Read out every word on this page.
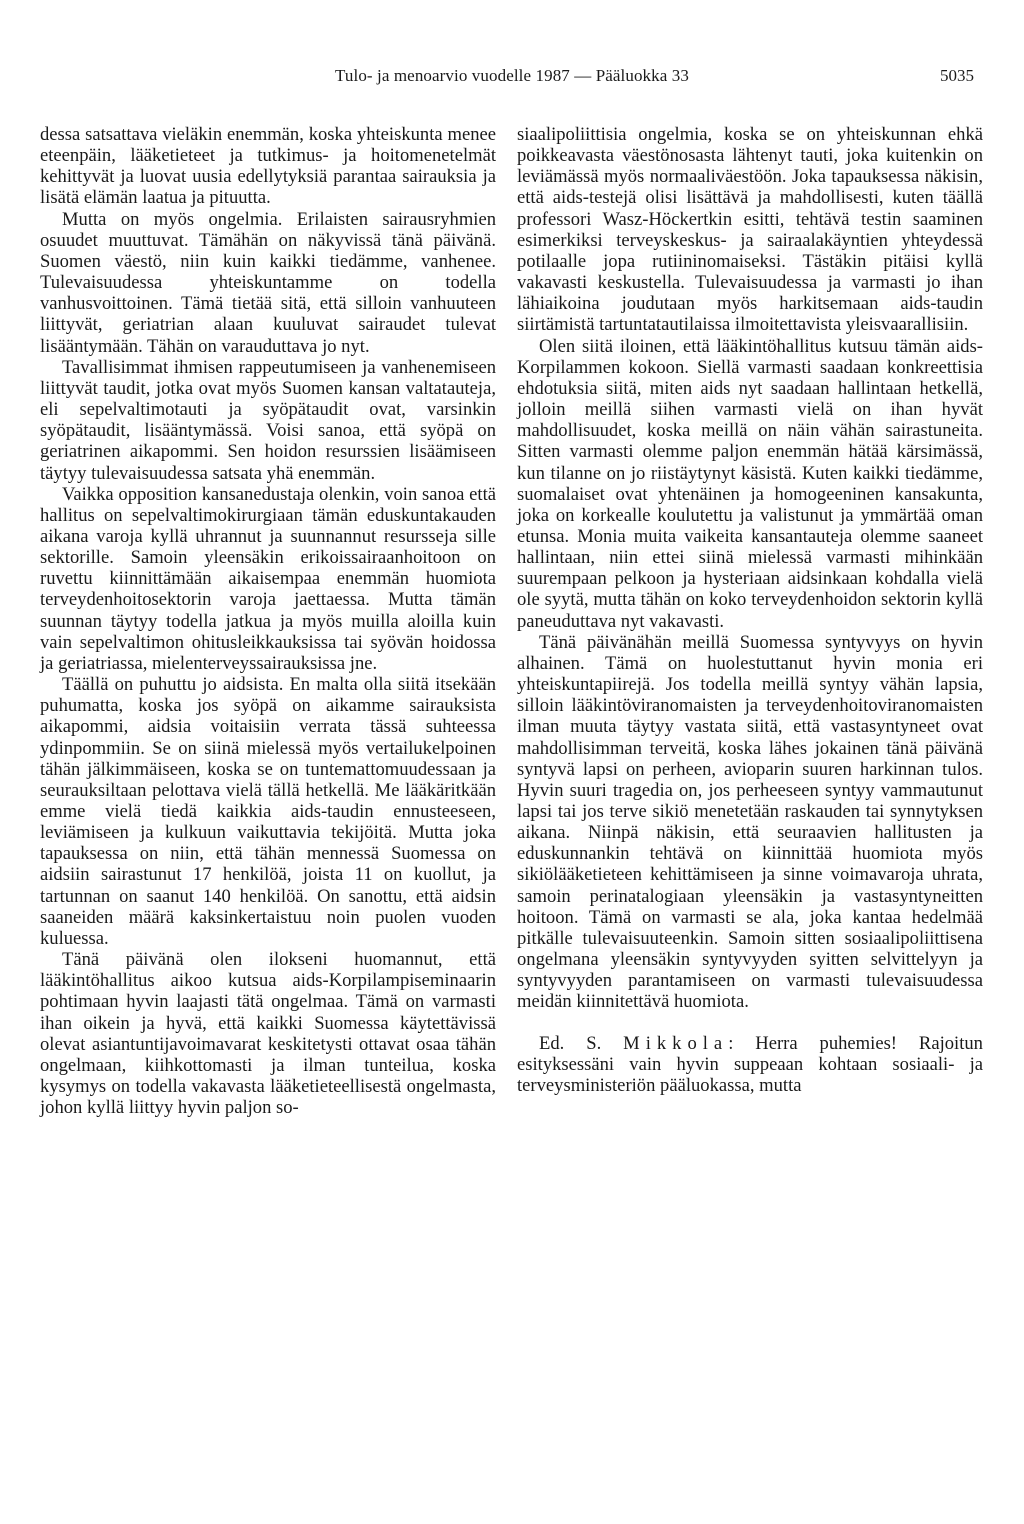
Tulo- ja menoarvio vuodelle 1987 — Pääluokka 33	5035

dessa satsattava vieläkin enemmän, koska yhteiskunta menee eteenpäin, lääketieteet ja tutkimus- ja hoitomenetelmät kehittyvät ja luovat uusia edellytyksiä parantaa sairauksia ja lisätä elämän laatua ja pituutta.

Mutta on myös ongelmia. Erilaisten sairausryhmien osuudet muuttuvat. Tämähän on näkyvissä tänä päivänä. Suomen väestö, niin kuin kaikki tiedämme, vanhenee. Tulevaisuudessa yhteiskuntamme on todella vanhusvoittoinen. Tämä tietää sitä, että silloin vanhuuteen liittyvät, geriatrian alaan kuuluvat sairaudet tulevat lisääntymään. Tähän on varauduttava jo nyt.

Tavallisimmat ihmisen rappeutumiseen ja vanhenemiseen liittyvät taudit, jotka ovat myös Suomen kansan valtatauteja, eli sepelvaltimotauti ja syöpätaudit ovat, varsinkin syöpätaudit, lisääntymässä. Voisi sanoa, että syöpä on geriatrinen aikapommi. Sen hoidon resurssien lisäämiseen täytyy tulevaisuudessa satsata yhä enemmän.

Vaikka opposition kansanedustaja olenkin, voin sanoa että hallitus on sepelvaltimokirurgiaan tämän eduskuntakauden aikana varoja kyllä uhrannut ja suunnannut resursseja sille sektorille. Samoin yleensäkin erikoissairaanhoitoon on ruvettu kiinnittämään aikaisempaa enemmän huomiota terveydenhoitosektorin varoja jaettaessa. Mutta tämän suunnan täytyy todella jatkua ja myös muilla aloilla kuin vain sepelvaltimon ohitusleikkauksissa tai syövän hoidossa ja geriatriassa, mielenterveyssairauksissa jne.

Täällä on puhuttu jo aidsista. En malta olla siitä itsekään puhumatta, koska jos syöpä on aikamme sairauksista aikapommi, aidsia voitaisiin verrata tässä suhteessa ydinpommiin. Se on siinä mielessä myös vertailukelpoinen tähän jälkimmäiseen, koska se on tuntemattomuudessaan ja seurauksiltaan pelottava vielä tällä hetkellä. Me lääkäritkään emme vielä tiedä kaikkia aids-taudin ennusteeseen, leviämiseen ja kulkuun vaikuttavia tekijöitä. Mutta joka tapauksessa on niin, että tähän mennessä Suomessa on aidsiin sairastunut 17 henkilöä, joista 11 on kuollut, ja tartunnan on saanut 140 henkilöä. On sanottu, että aidsin saaneiden määrä kaksinkertaistuu noin puolen vuoden kuluessa.

Tänä päivänä olen ilokseni huomannut, että lääkintöhallitus aikoo kutsua aids-Korpilampiseminaarin pohtimaan hyvin laajasti tätä ongelmaa. Tämä on varmasti ihan oikein ja hyvä, että kaikki Suomessa käytettävissä olevat asiantuntijavoimavarat keskitetysti ottavat osaa tähän ongelmaan, kiihkottomasti ja ilman tunteilua, koska kysymys on todella vakavasta lääketieteellisestä ongelmasta, johon kyllä liittyy hyvin paljon so-

siaalipoliittisia ongelmia, koska se on yhteiskunnan ehkä poikkeavasta väestönosasta lähtenyt tauti, joka kuitenkin on leviämässä myös normaaliväestöön. Joka tapauksessa näkisin, että aids-testejä olisi lisättävä ja mahdollisesti, kuten täällä professori Wasz-Höckertkin esitti, tehtävä testin saaminen esimerkiksi terveyskeskus- ja sairaalakäyntien yhteydessä potilaalle jopa rutiininomaiseksi. Tästäkin pitäisi kyllä vakavasti keskustella. Tulevaisuudessa ja varmasti jo ihan lähiaikoina joudutaan myös harkitsemaan aids-taudin siirtämistä tartuntatautilaissa ilmoitettavista yleisvaarallisiin.

Olen siitä iloinen, että lääkintöhallitus kutsuu tämän aids-Korpilammen kokoon. Siellä varmasti saadaan konkreettisia ehdotuksia siitä, miten aids nyt saadaan hallintaan hetkellä, jolloin meillä siihen varmasti vielä on ihan hyvät mahdollisuudet, koska meillä on näin vähän sairastuneita. Sitten varmasti olemme paljon enemmän hätää kärsimässä, kun tilanne on jo riistäytynyt käsistä. Kuten kaikki tiedämme, suomalaiset ovat yhtenäinen ja homogeeninen kansakunta, joka on korkealle koulutettu ja valistunut ja ymmärtää oman etunsa. Monia muita vaikeita kansantauteja olemme saaneet hallintaan, niin ettei siinä mielessä varmasti mihinkään suurempaan pelkoon ja hysteriaan aidsinkaan kohdalla vielä ole syytä, mutta tähän on koko terveydenhoidon sektorin kyllä paneuduttava nyt vakavasti.

Tänä päivänähän meillä Suomessa syntyvyys on hyvin alhainen. Tämä on huolestuttanut hyvin monia eri yhteiskuntapiirejä. Jos todella meillä syntyy vähän lapsia, silloin lääkintöviranomaisten ja terveydenhoitoviranomaisten ilman muuta täytyy vastata siitä, että vastasyntyneet ovat mahdollisimman terveitä, koska lähes jokainen tänä päivänä syntyvä lapsi on perheen, avioparin suuren harkinnan tulos. Hyvin suuri tragedia on, jos perheeseen syntyy vammautunut lapsi tai jos terve sikiö menetetään raskauden tai synnytyksen aikana. Niinpä näkisin, että seuraavien hallitusten ja eduskunnankin tehtävä on kiinnittää huomiota myös sikiölääketieteen kehittämiseen ja sinne voimavaroja uhrata, samoin perinatalogiaan yleensäkin ja vastasyntyneitten hoitoon. Tämä on varmasti se ala, joka kantaa hedelmää pitkälle tulevaisuuteenkin. Samoin sitten sosiaalipoliittisena ongelmana yleensäkin syntyvyyden syitten selvittelyyn ja syntyvyyden parantamiseen on varmasti tulevaisuudessa meidän kiinnitettävä huomiota.

Ed. S. Mikkola: Herra puhemies! Rajoitun esityksessäni vain hyvin suppeaan kohtaan sosiaali- ja terveysministeriön pääluokassa, mutta
